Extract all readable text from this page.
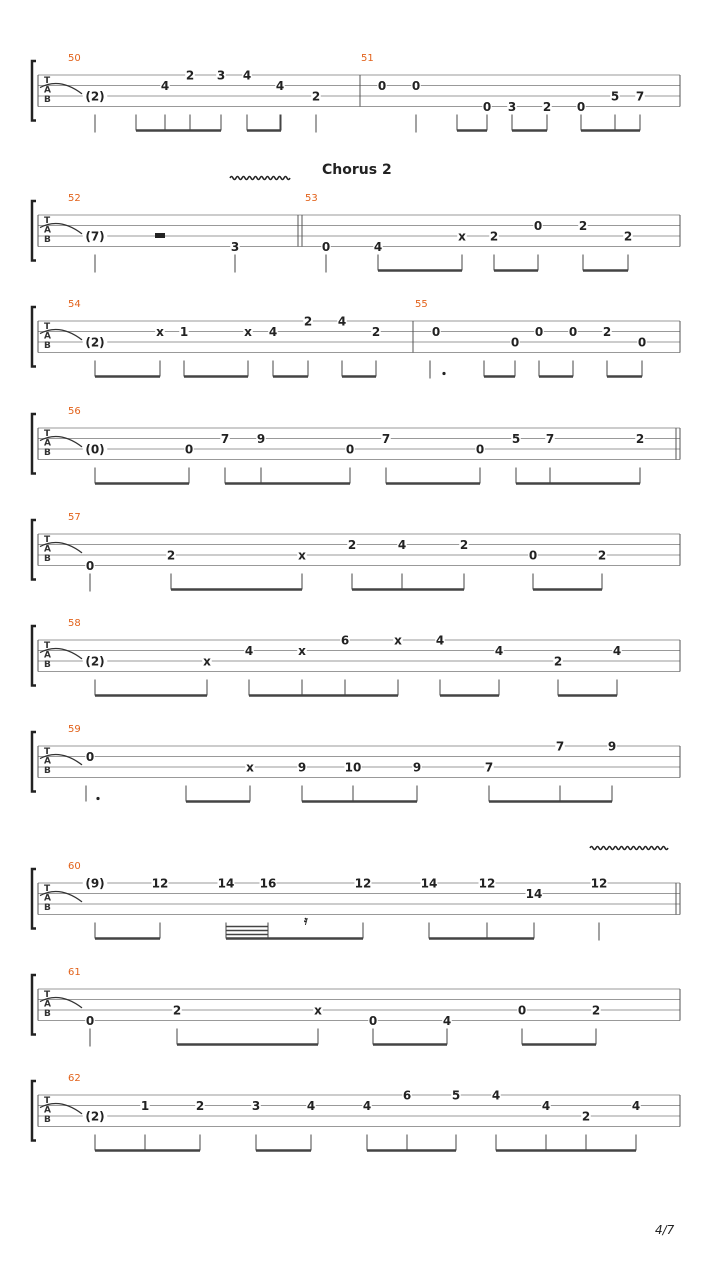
Chorus 2
4/7
T
A
B
50
(2)
4
2 3 4
4
2
51
0 0
0 3 2 0
5 7
T
A
B
52
(7)
3
53
0	4
x 2
0	2
2
T
A
B
54
(2)
x 1	x 4
2 4
2
55
0
0
0 0 2
0
T
A
B
56
(0)	0
7 9
0
7
0
5 7	2
T
A
B
57
0
2	x
2	4	2
0	2
T
A
B
58
(2)	x
4	x
6	x	4
4
2
4
T
A
B
59
0
x	9	10	9	7
7	9
T
A
B
60
(9)	12	14 16	12	14	12
14
12
𝄿
T
A
B
61
0
2	x
0	4
0	2
T
A
B
62
(2)
1	2	3	4	4
6	5	4
4
2
4
